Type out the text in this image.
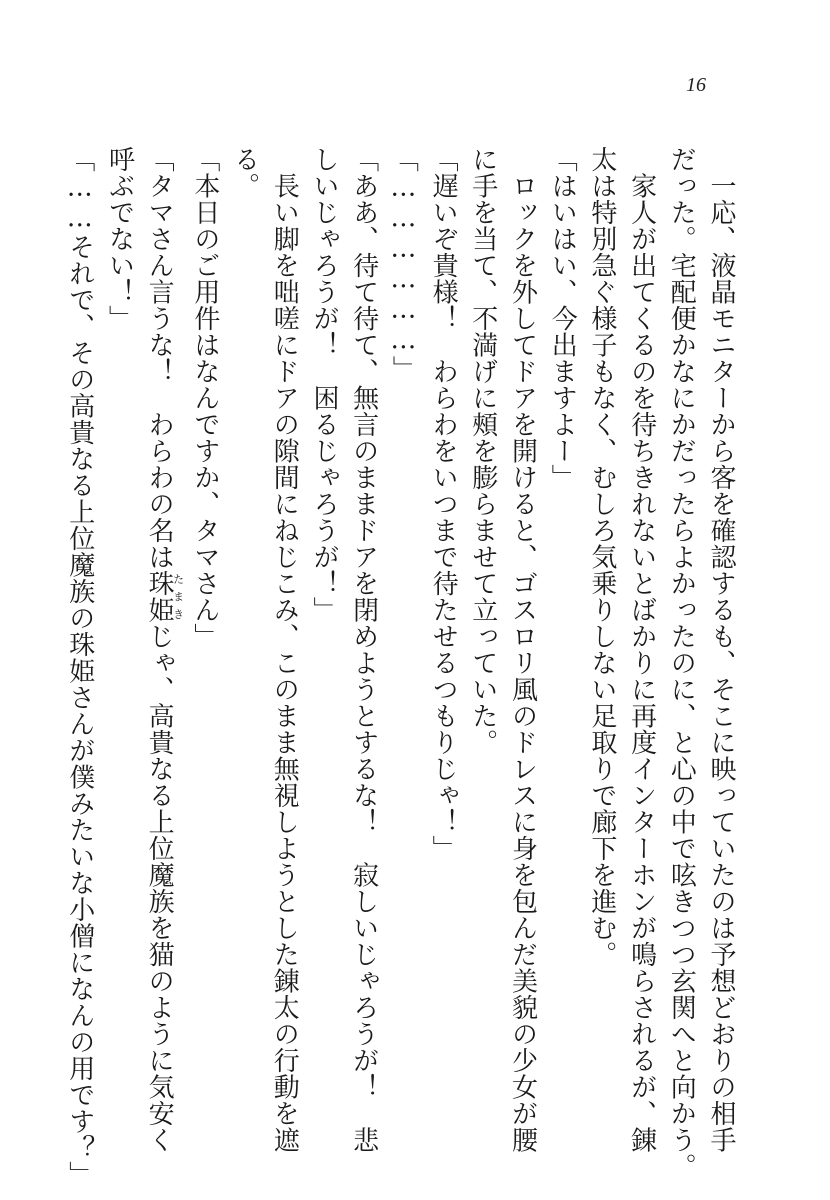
16
　一応、液晶モニターから客を確認するも、そこに映っていたのは予想どおりの相手
だった。宅配便かなにかだったらよかったのに、と心の中で呟きつつ玄関へと向かう。
　家人が出てくるのを待ちきれないとばかりに再度インターホンが鳴らされるが、錬
太は特別急ぐ様子もなく、むしろ気乗りしない足取りで廊下を進む。
「はいはい、今出ますよー」
　ロックを外してドアを開けると、ゴスロリ風のドレスに身を包んだ美貌の少女が腰
に手を当て、不満げに頰を膨らませて立っていた。
「遅いぞ貴様！　わらわをいつまで待たせるつもりじゃ！」
「………………」
「ああ、待て待て、無言のままドアを閉めようとするな！　寂しいじゃろうが！　悲
しいじゃろうが！　困るじゃろうが！」
　長い脚を咄嗟にドアの隙間にねじこみ、このまま無視しようとした錬太の行動を遮
る。
「本日のご用件はなんですか、タマさん」
「タマさん言うな！　わらわの名は珠姫たまきじゃ、高貴なる上位魔族を猫のように気安く
呼ぶでない！」
「……それで、その高貴なる上位魔族の珠姫さんが僕みたいな小僧になんの用です？」
